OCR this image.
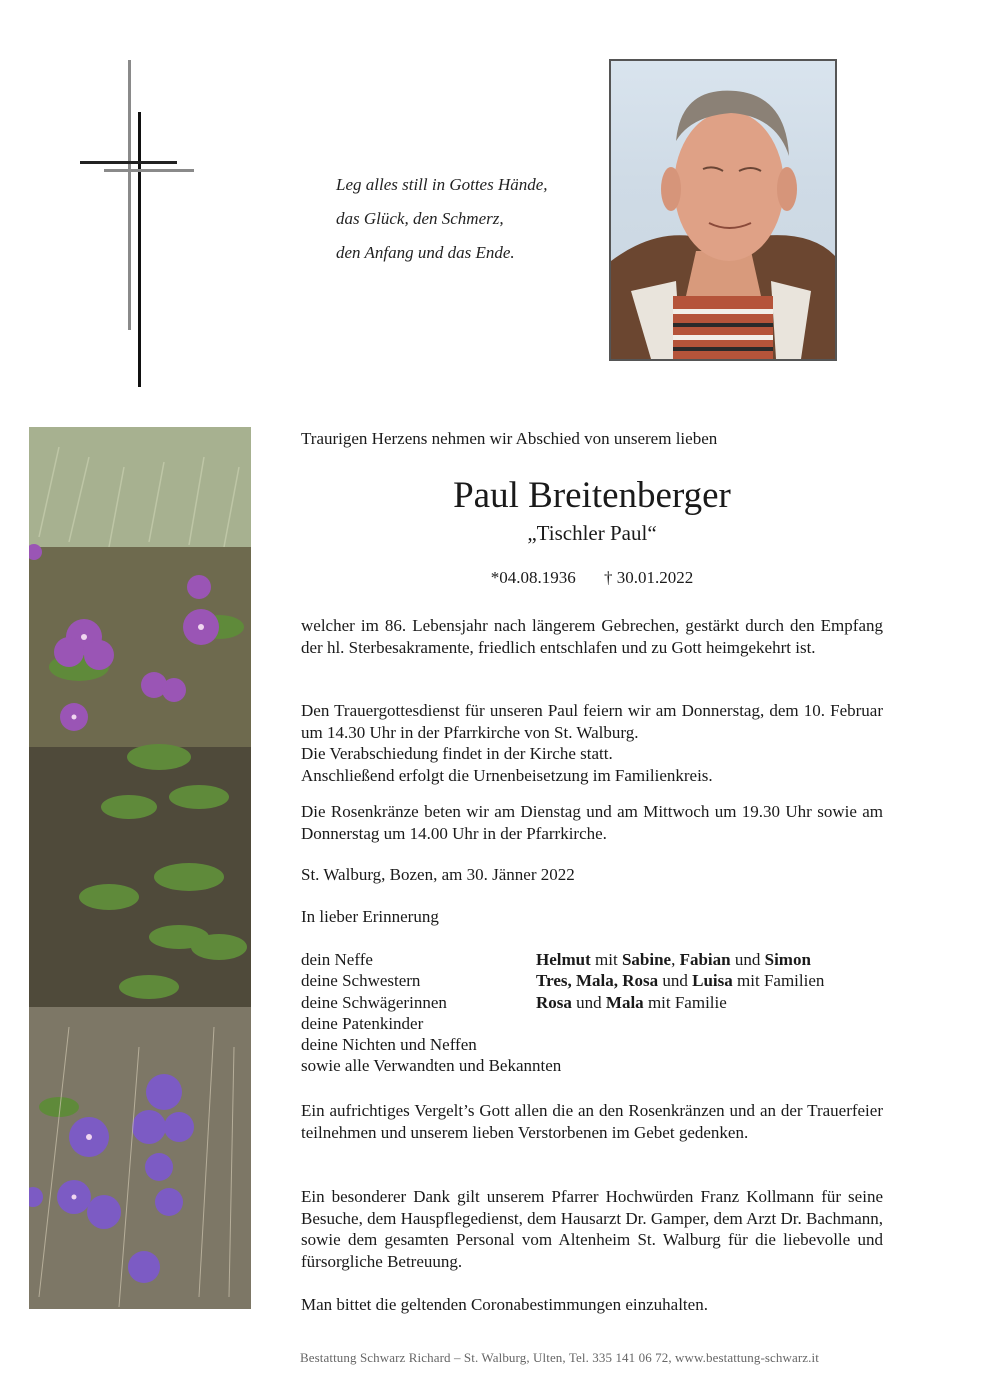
Leg alles still in Gottes Hände,
das Glück, den Schmerz,
den Anfang und das Ende.
Traurigen Herzens nehmen wir Abschied von unserem lieben
Paul Breitenberger
„Tischler Paul“
*04.08.1936 † 30.01.2022

welcher im 86. Lebensjahr nach längerem Gebrechen, gestärkt durch den Empfang der hl. Sterbesakramente, friedlich entschlafen und zu Gott heimgekehrt ist.

Den Trauergottesdienst für unseren Paul feiern wir am Donnerstag, dem 10. Februar um 14.30 Uhr in der Pfarrkirche von St. Walburg.

Die Verabschiedung findet in der Kirche statt.

Anschließend erfolgt die Urnenbeisetzung im Familienkreis.

Die Rosenkränze beten wir am Dienstag und am Mittwoch um 19.30 Uhr sowie am Donnerstag um 14.00 Uhr in der Pfarrkirche.

St. Walburg, Bozen, am 30. Jänner 2022
In lieber Erinnerung
dein Neffe	Helmut mit Sabine, Fabian und Simon
deine Schwestern	Tres, Mala, Rosa und Luisa mit Familien
deine Schwägerinnen	Rosa und Mala mit Familie
deine Patenkinder
deine Nichten und Neffen
sowie alle Verwandten und Bekannten

Ein aufrichtiges Vergelt’s Gott allen die an den Rosenkränzen und an der Trauerfeier teilnehmen und unserem lieben Verstorbenen im Gebet gedenken.

Ein besonderer Dank gilt unserem Pfarrer Hochwürden Franz Kollmann für seine Besuche, dem Hauspflegedienst, dem Hausarzt Dr. Gamper, dem Arzt Dr. Bachmann, sowie dem gesamten Personal vom Altenheim St. Walburg für die liebevolle und fürsorgliche Betreuung.

Man bittet die geltenden Coronabestimmungen einzuhalten.
Bestattung Schwarz Richard – St. Walburg, Ulten, Tel. 335 141 06 72, www.bestattung-schwarz.it
